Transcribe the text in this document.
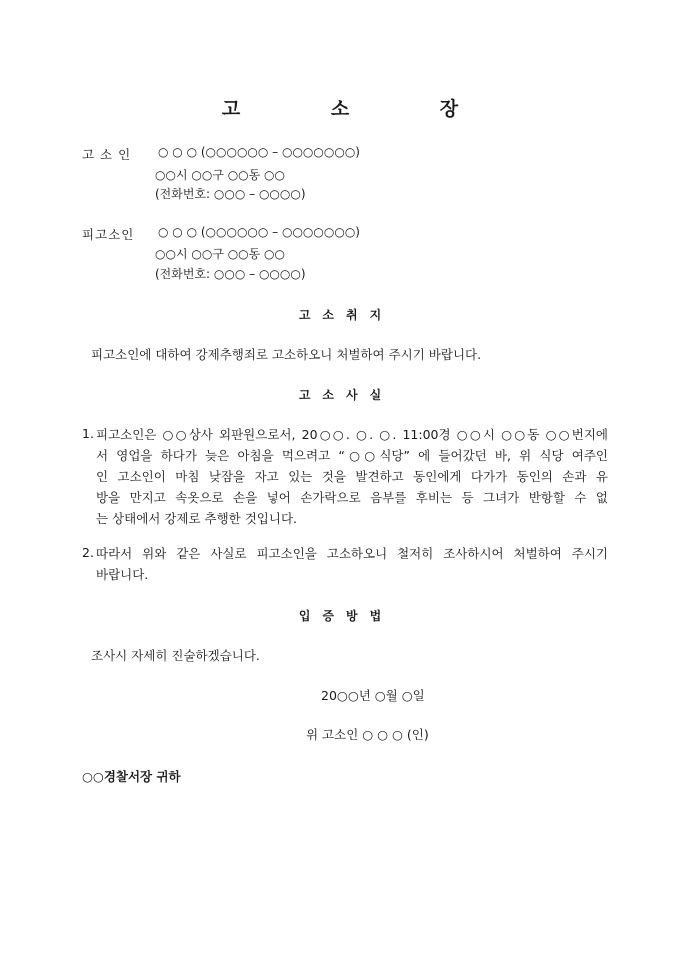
고 소 장
고 소 인 ○ ○ ○ (○○○○○○ – ○○○○○○○)
○○시 ○○구 ○○동 ○○
(전화번호: ○○○ – ○○○○)
피고소인 ○ ○ ○ (○○○○○○ – ○○○○○○○)
○○시 ○○구 ○○동 ○○
(전화번호: ○○○ – ○○○○)
고소취지
피고소인에 대하여 강제추행죄로 고소하오니 처벌하여 주시기 바랍니다.
고소사실
1. 피고소인은 ○○상사 외판원으로서, 20○○. ○. ○. 11:00경 ○○시 ○○동 ○○번지에
서 영업을 하다가 늦은 아침을 먹으려고 “○○식당” 에 들어갔던 바, 위 식당 여주인
인 고소인이 마침 낮잠을 자고 있는 것을 발견하고 동인에게 다가가 동인의 손과 유
방을 만지고 속옷으로 손을 넣어 손가락으로 음부를 후비는 등 그녀가 반항할 수 없
는 상태에서 강제로 추행한 것입니다.
2. 따라서 위와 같은 사실로 피고소인을 고소하오니 철저히 조사하시어 처벌하여 주시기
바랍니다.
입증방법
조사시 자세히 진술하겠습니다.
20○○년 ○월 ○일
위 고소인 ○ ○ ○ (인)
○○경찰서장 귀하
